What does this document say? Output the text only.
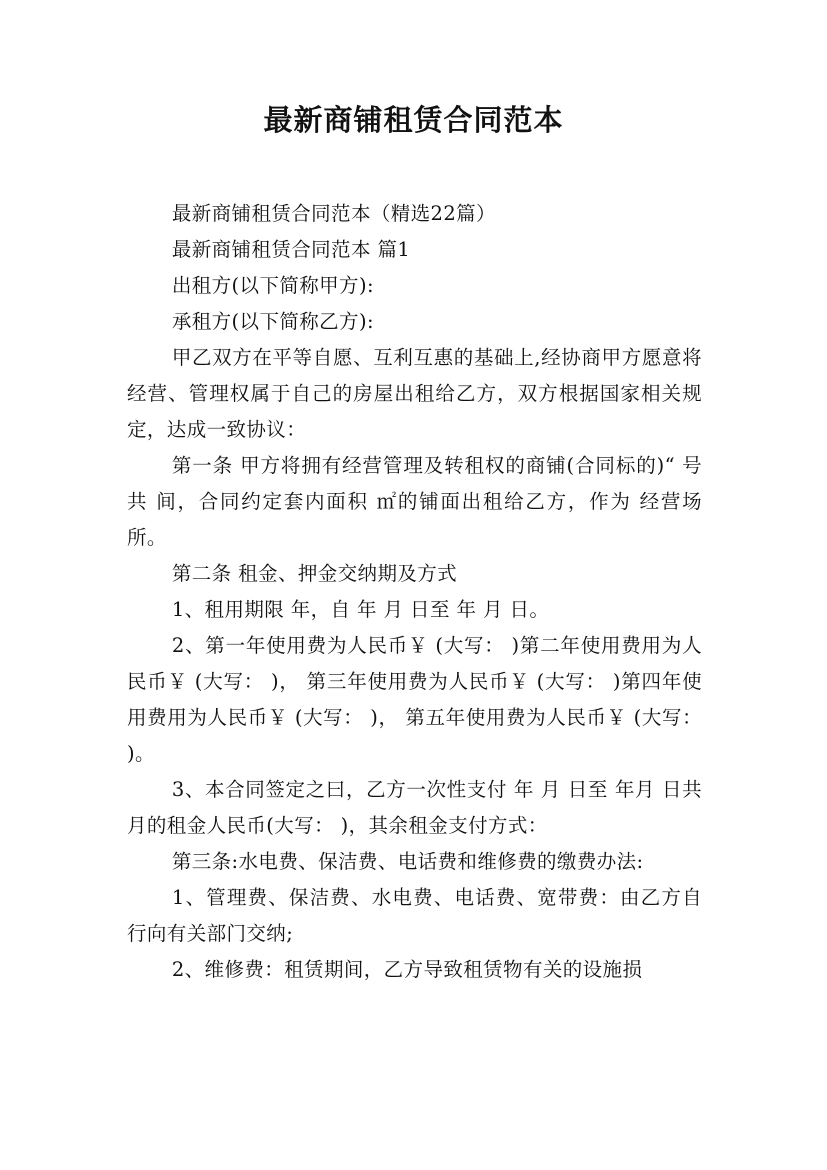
最新商铺租赁合同范本

最新商铺租赁合同范本（精选22篇）

最新商铺租赁合同范本 篇1

出租方(以下简称甲方):

承租方(以下简称乙方):

甲乙双方在平等自愿、互利互惠的基础上,经协商甲方愿意将经营、管理权属于自己的房屋出租给乙方，双方根据国家相关规定，达成一致协议：

第一条 甲方将拥有经营管理及转租权的商铺(合同标的)“ 号共 间，合同约定套内面积 ㎡的铺面出租给乙方，作为 经营场所。

第二条 租金、押金交纳期及方式

1、租用期限 年，自 年 月 日至 年 月 日。

2、第一年使用费为人民币￥ (大写： )第二年使用费用为人民币￥ (大写： )， 第三年使用费为人民币￥ (大写： )第四年使用费用为人民币￥ (大写： )， 第五年使用费为人民币￥ (大写： )。

3、本合同签定之曰，乙方一次性支付 年 月 日至 年月 日共 月的租金人民币(大写： )，其余租金支付方式：

第三条:水电费、保洁费、电话费和维修费的缴费办法:

1、管理费、保洁费、水电费、电话费、宽带费：由乙方自行向有关部门交纳;

2、维修费：租赁期间，乙方导致租赁物有关的设施损
